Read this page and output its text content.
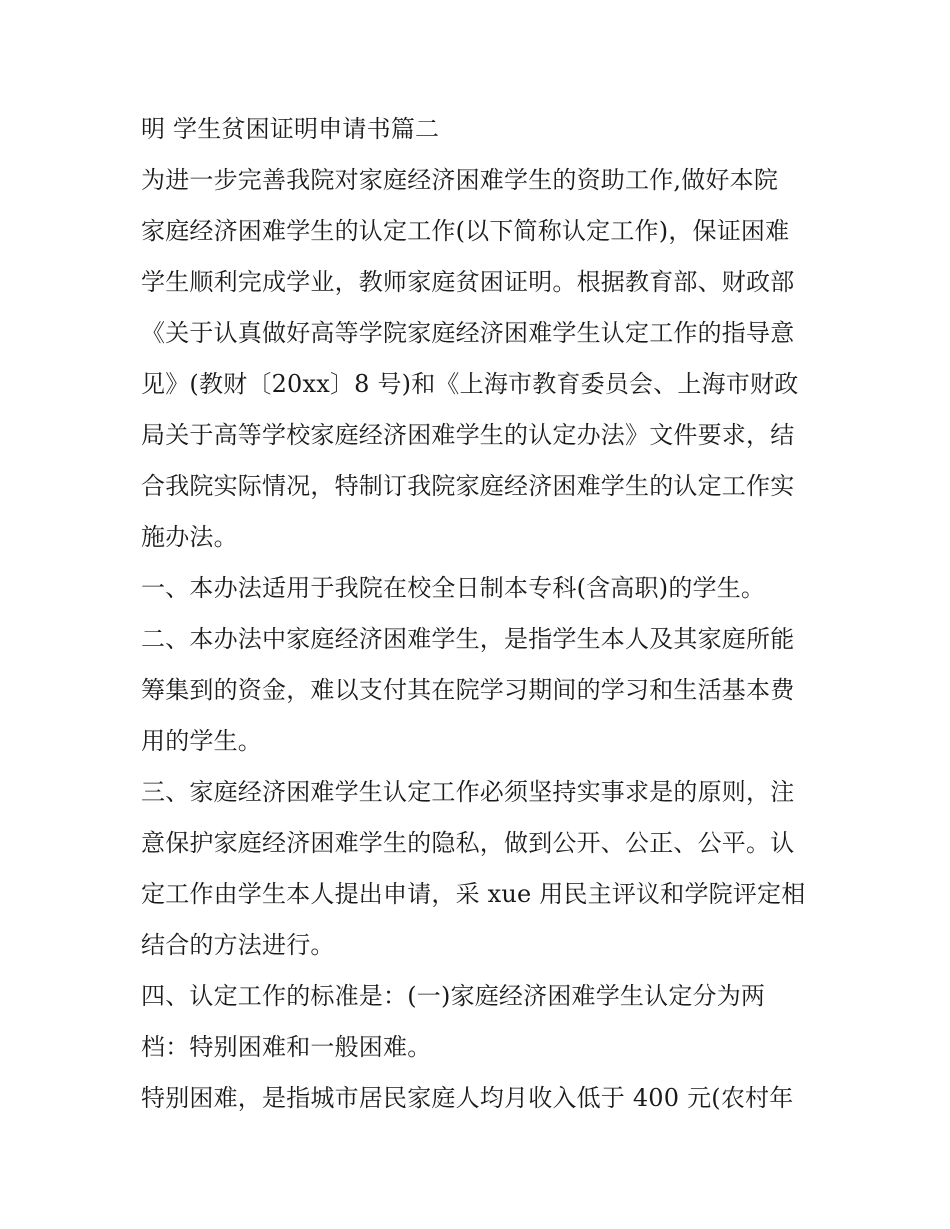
明 学生贫困证明申请书篇二
为进一步完善我院对家庭经济困难学生的资助工作,做好本院
家庭经济困难学生的认定工作(以下简称认定工作)，保证困难
学生顺利完成学业，教师家庭贫困证明。根据教育部、财政部
《关于认真做好高等学院家庭经济困难学生认定工作的指导意
见》(教财〔20xx〕8 号)和《上海市教育委员会、上海市财政
局关于高等学校家庭经济困难学生的认定办法》文件要求，结
合我院实际情况，特制订我院家庭经济困难学生的认定工作实
施办法。
一、本办法适用于我院在校全日制本专科(含高职)的学生。
二、本办法中家庭经济困难学生，是指学生本人及其家庭所能
筹集到的资金，难以支付其在院学习期间的学习和生活基本费
用的学生。
三、家庭经济困难学生认定工作必须坚持实事求是的原则，注
意保护家庭经济困难学生的隐私，做到公开、公正、公平。认
定工作由学生本人提出申请，采 xue 用民主评议和学院评定相
结合的方法进行。
四、认定工作的标准是：(一)家庭经济困难学生认定分为两
档：特别困难和一般困难。
特别困难，是指城市居民家庭人均月收入低于 400 元(农村年
